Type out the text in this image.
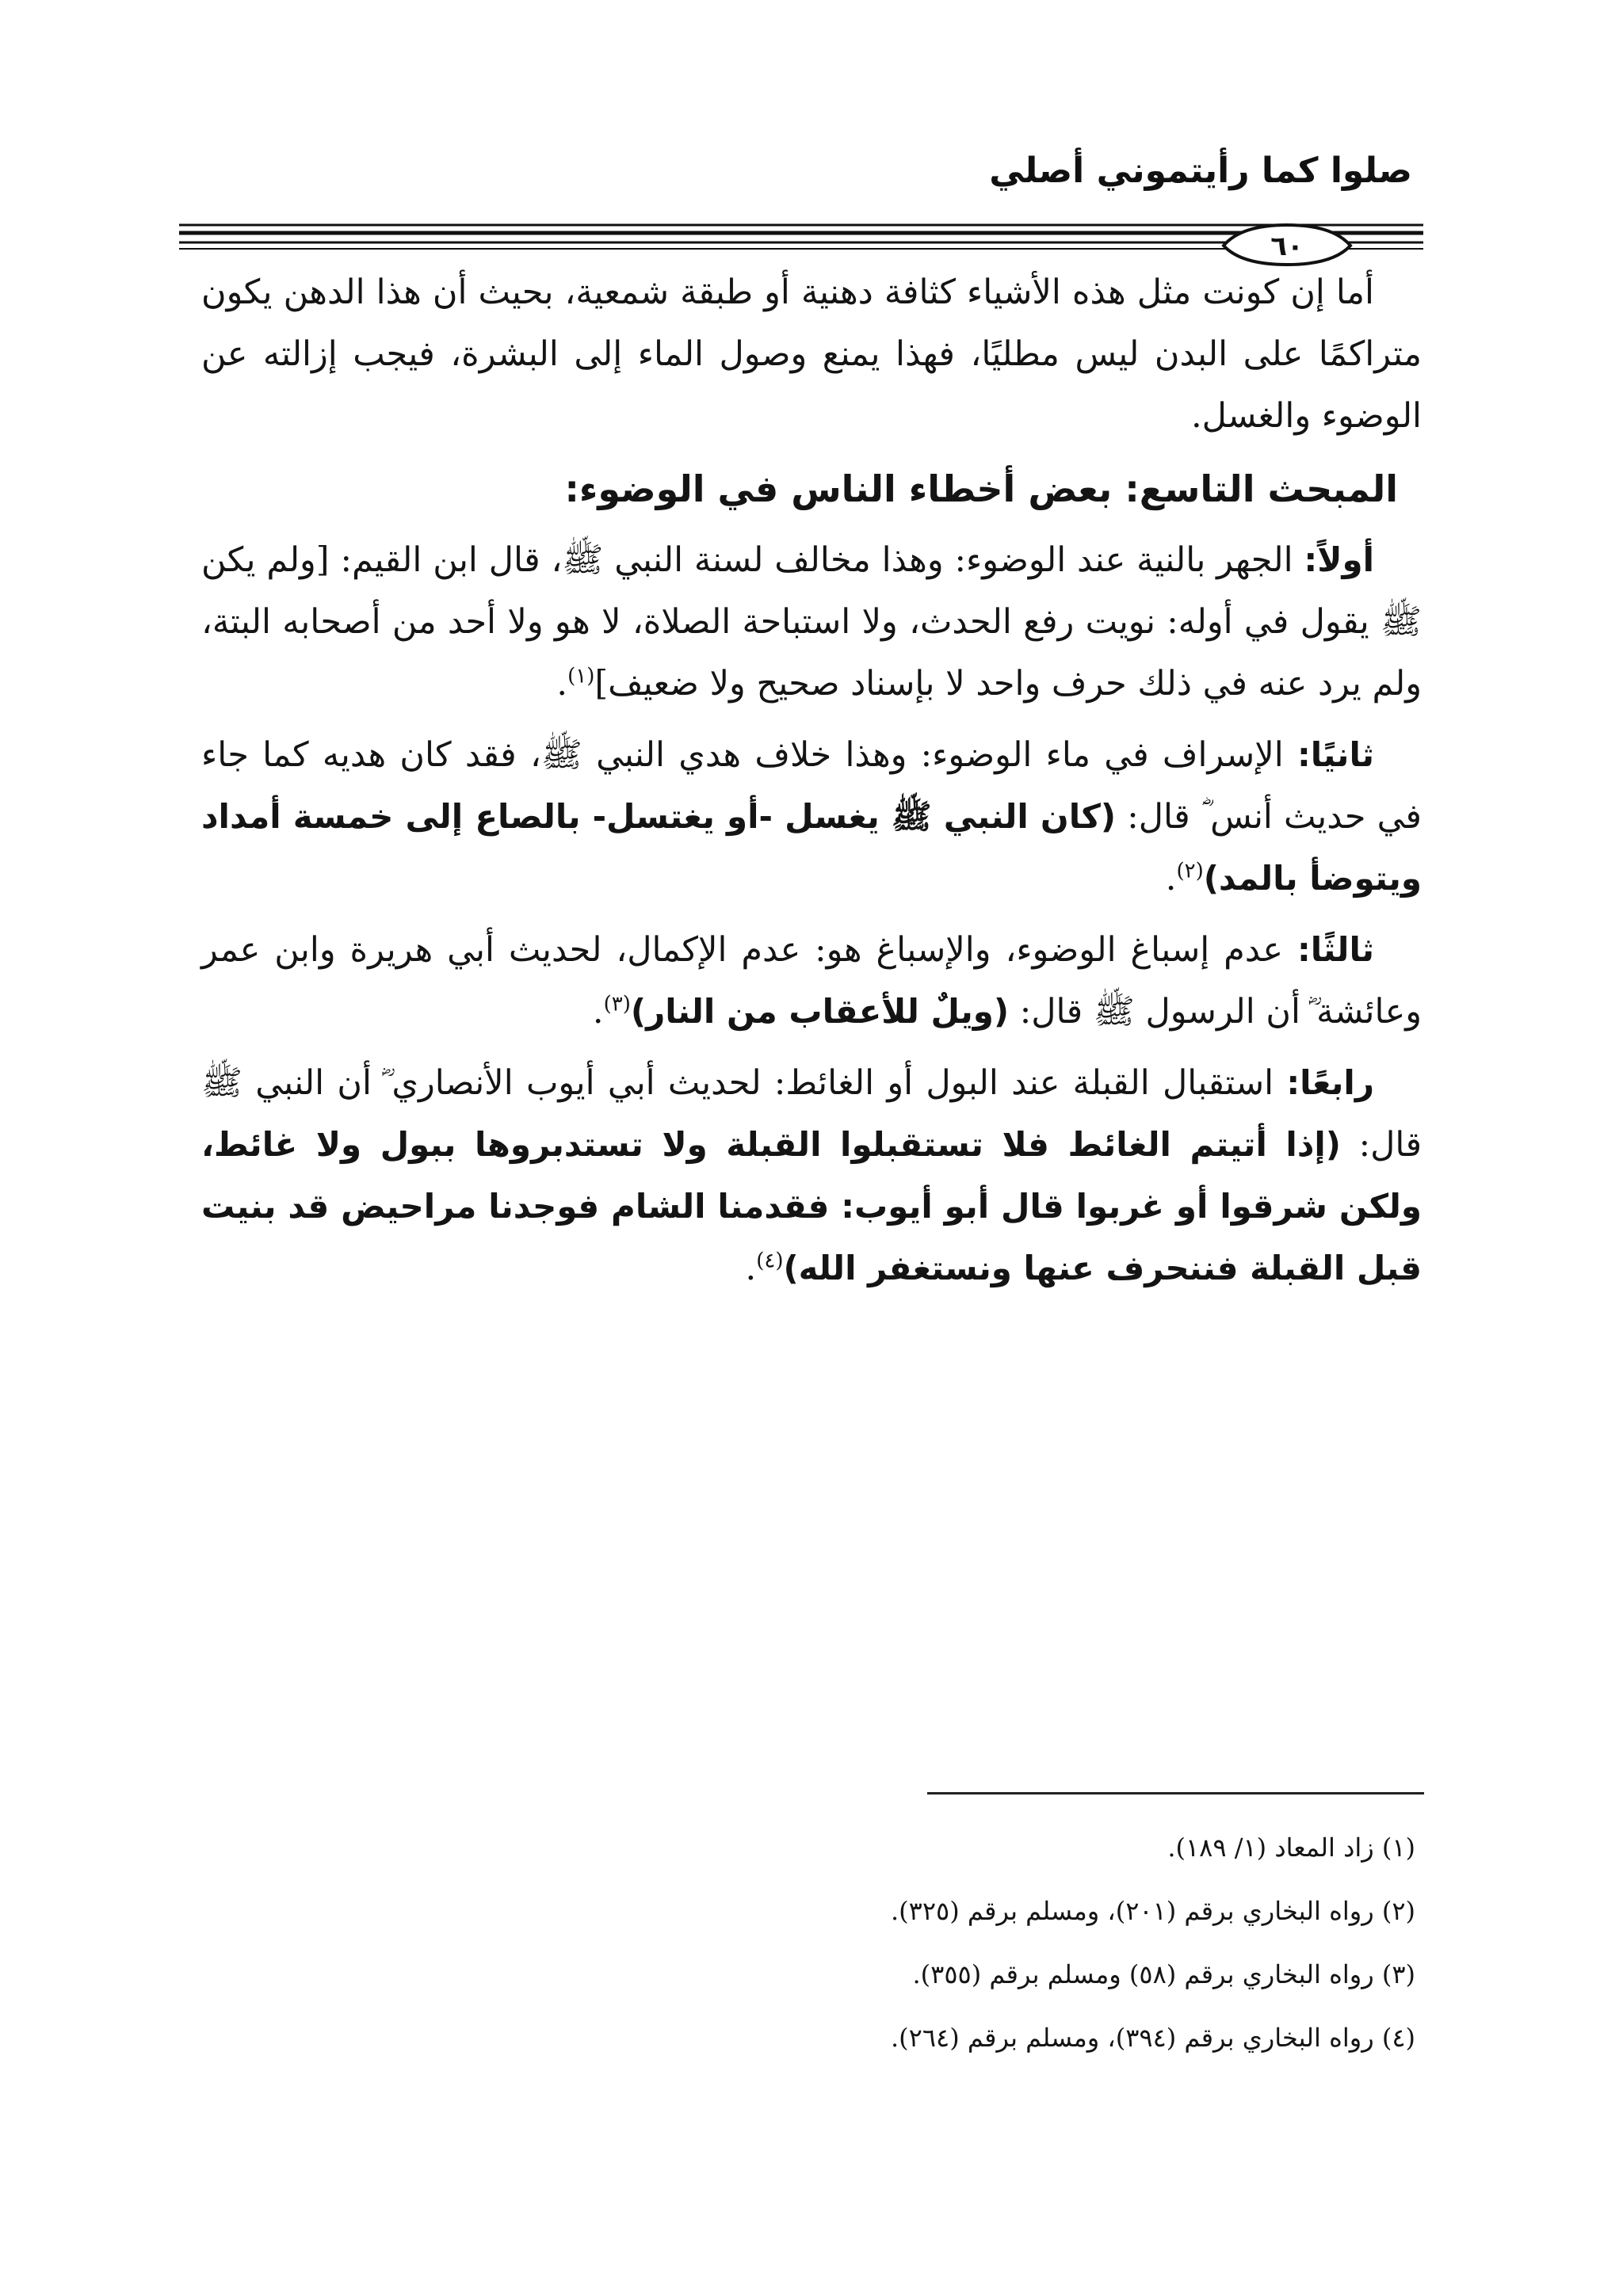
صلوا كما رأيتموني أصلي
٦٠

أما إن كونت مثل هذه الأشياء كثافة دهنية أو طبقة شمعية، بحيث أن هذا الدهن يكون متراكمًا على البدن ليس مطليًا، فهذا يمنع وصول الماء إلى البشرة، فيجب إزالته عن الوضوء والغسل.

المبحث التاسع: بعض أخطاء الناس في الوضوء:

أولاً: الجهر بالنية عند الوضوء: وهذا مخالف لسنة النبي ﷺ، قال ابن القيم: [ولم يكن ﷺ يقول في أوله: نويت رفع الحدث، ولا استباحة الصلاة، لا هو ولا أحد من أصحابه البتة، ولم يرد عنه في ذلك حرف واحد لا بإسناد صحيح ولا ضعيف]$^{(١)}$.

ثانيًا: الإسراف في ماء الوضوء: وهذا خلاف هدي النبي ﷺ، فقد كان هديه كما جاء في حديث أنس ؓ قال: (كان النبي ﷺ يغسل -أو يغتسل- بالصاع إلى خمسة أمداد ويتوضأ بالمد)$^{(٢)}$.

ثالثًا: عدم إسباغ الوضوء، والإسباغ هو: عدم الإكمال، لحديث أبي هريرة وابن عمر وعائشة ؓ أن الرسول ﷺ قال: (ويلٌ للأعقاب من النار)$^{(٣)}$.

رابعًا: استقبال القبلة عند البول أو الغائط: لحديث أبي أيوب الأنصاري ؓ أن النبي ﷺ قال: (إذا أتيتم الغائط فلا تستقبلوا القبلة ولا تستدبروها ببول ولا غائط، ولكن شرقوا أو غربوا قال أبو أيوب: فقدمنا الشام فوجدنا مراحيض قد بنيت قبل القبلة فننحرف عنها ونستغفر الله)$^{(٤)}$.

(١) زاد المعاد (١/ ١٨٩).
(٢) رواه البخاري برقم (٢٠١)، ومسلم برقم (٣٢٥).
(٣) رواه البخاري برقم (٥٨) ومسلم برقم (٣٥٥).
(٤) رواه البخاري برقم (٣٩٤)، ومسلم برقم (٢٦٤).
